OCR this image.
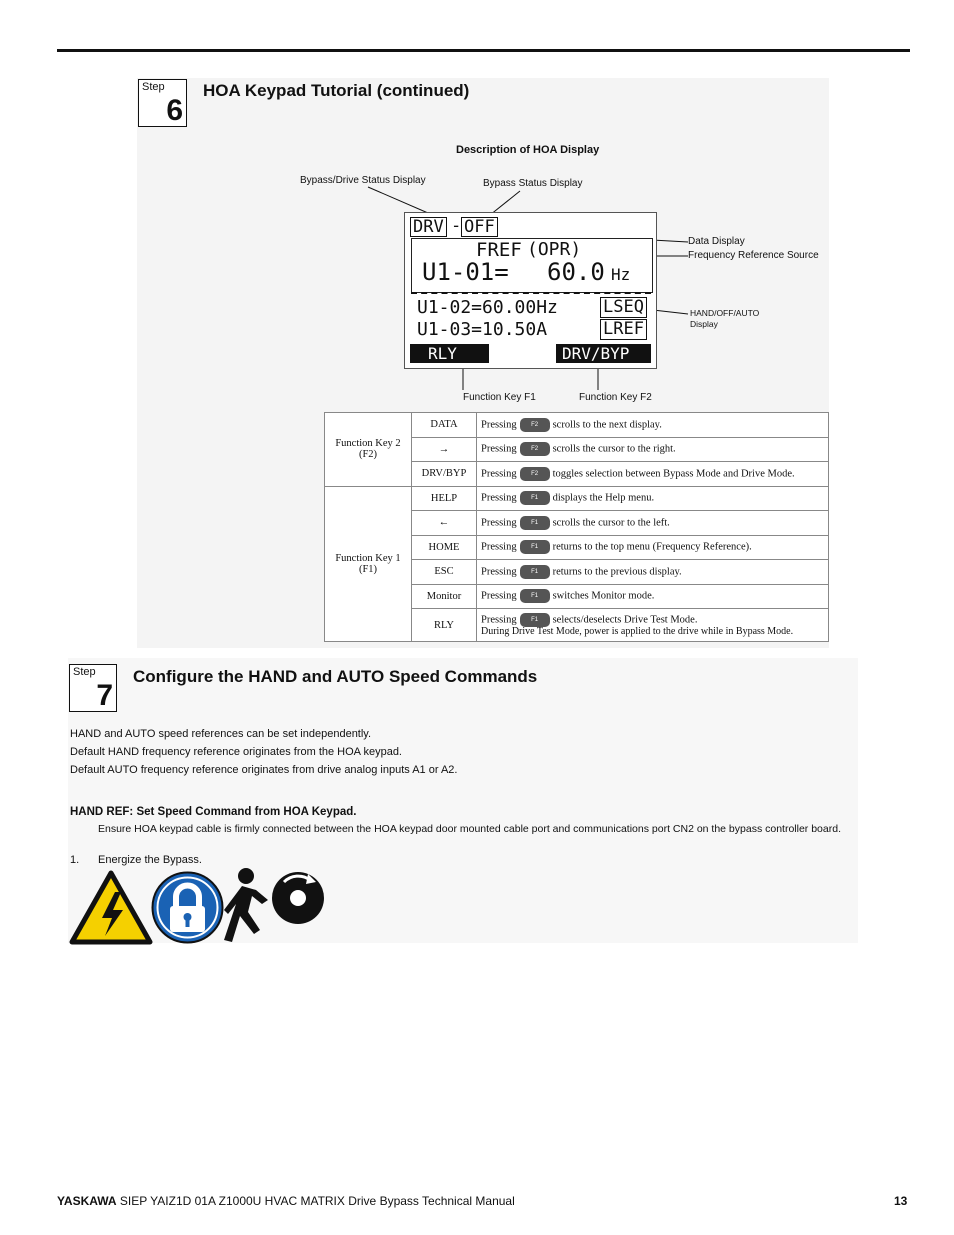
Step
6
HOA Keypad Tutorial (continued)
Description of HOA Display
Bypass/Drive Status Display	Bypass Status Display
Data Display
Frequency Reference Source
HAND/OFF/AUTO
Display
Function Key F1	Function Key F2
DRV - OFF
FREF (OPR)
U1-01= 60.0 Hz
U1-02=60.00Hz
U1-03=10.50A
LSEQ
LREF
RLY	DRV/BYP
Function Key 2
(F2)	DATA	Pressing F2 scrolls to the next display.
	→	Pressing F2 scrolls the cursor to the right.
	DRV/BYP	Pressing F2 toggles selection between Bypass Mode and Drive Mode.

Function Key 1
(F1)	HELP	Pressing F1 displays the Help menu.
	←	Pressing F1 scrolls the cursor to the left.
	HOME	Pressing F1 returns to the top menu (Frequency Reference).
	ESC	Pressing F1 returns to the previous display.
	Monitor	Pressing F1 switches Monitor mode.
	RLY	Pressing F1 selects/deselects Drive Test Mode.
During Drive Test Mode, power is applied to the drive while in Bypass Mode.
Step
7
Configure the HAND and AUTO Speed Commands
HAND and AUTO speed references can be set independently.
Default HAND frequency reference originates from the HOA keypad.
Default AUTO frequency reference originates from drive analog inputs A1 or A2.
HAND REF: Set Speed Command from HOA Keypad.
Ensure HOA keypad cable is firmly connected between the HOA keypad door mounted cable port and communications port CN2 on the bypass controller board.
1. Energize the Bypass.
YASKAWA SIEP YAIZ1D 01A Z1000U HVAC MATRIX Drive Bypass Technical Manual	13
